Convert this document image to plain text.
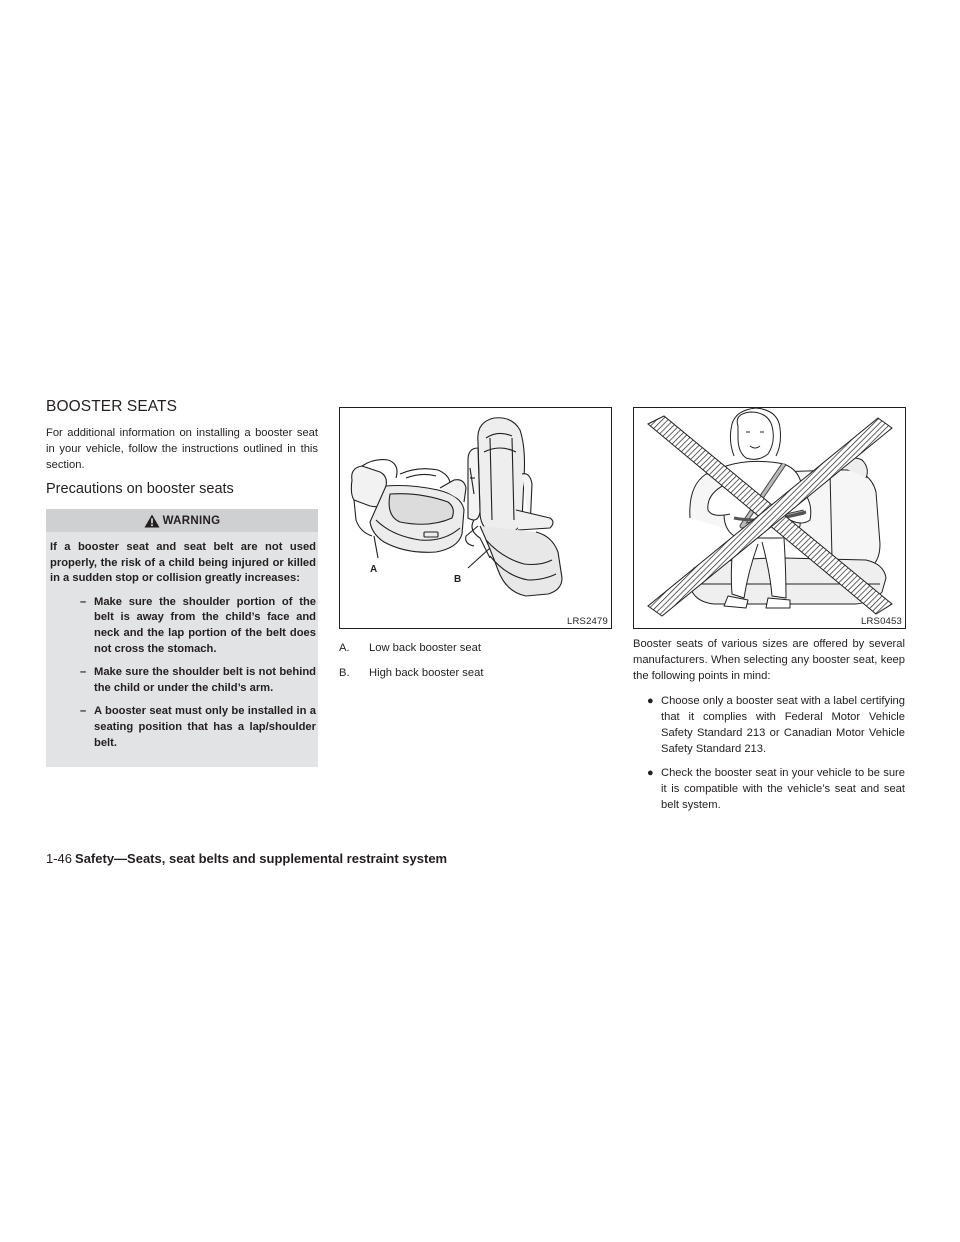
BOOSTER SEATS

For additional information on installing a booster seat in your vehicle, follow the instructions outlined in this section.

Precautions on booster seats
WARNING

If a booster seat and seat belt are not used properly, the risk of a child being injured or killed in a sudden stop or collision greatly increases:

– Make sure the shoulder portion of the belt is away from the child’s face and neck and the lap portion of the belt does not cross the stomach.
– Make sure the shoulder belt is not behind the child or under the child’s arm.
– A booster seat must only be installed in a seating position that has a lap/shoulder belt.
A
B
LRS2479
A.	Low back booster seat
B.	High back booster seat
LRS0453

Booster seats of various sizes are offered by several manufacturers. When selecting any booster seat, keep the following points in mind:

● Choose only a booster seat with a label certifying that it complies with Federal Motor Vehicle Safety Standard 213 or Canadian Motor Vehicle Safety Standard 213.
● Check the booster seat in your vehicle to be sure it is compatible with the vehicle’s seat and seat belt system.
1-46 Safety—Seats, seat belts and supplemental restraint system
